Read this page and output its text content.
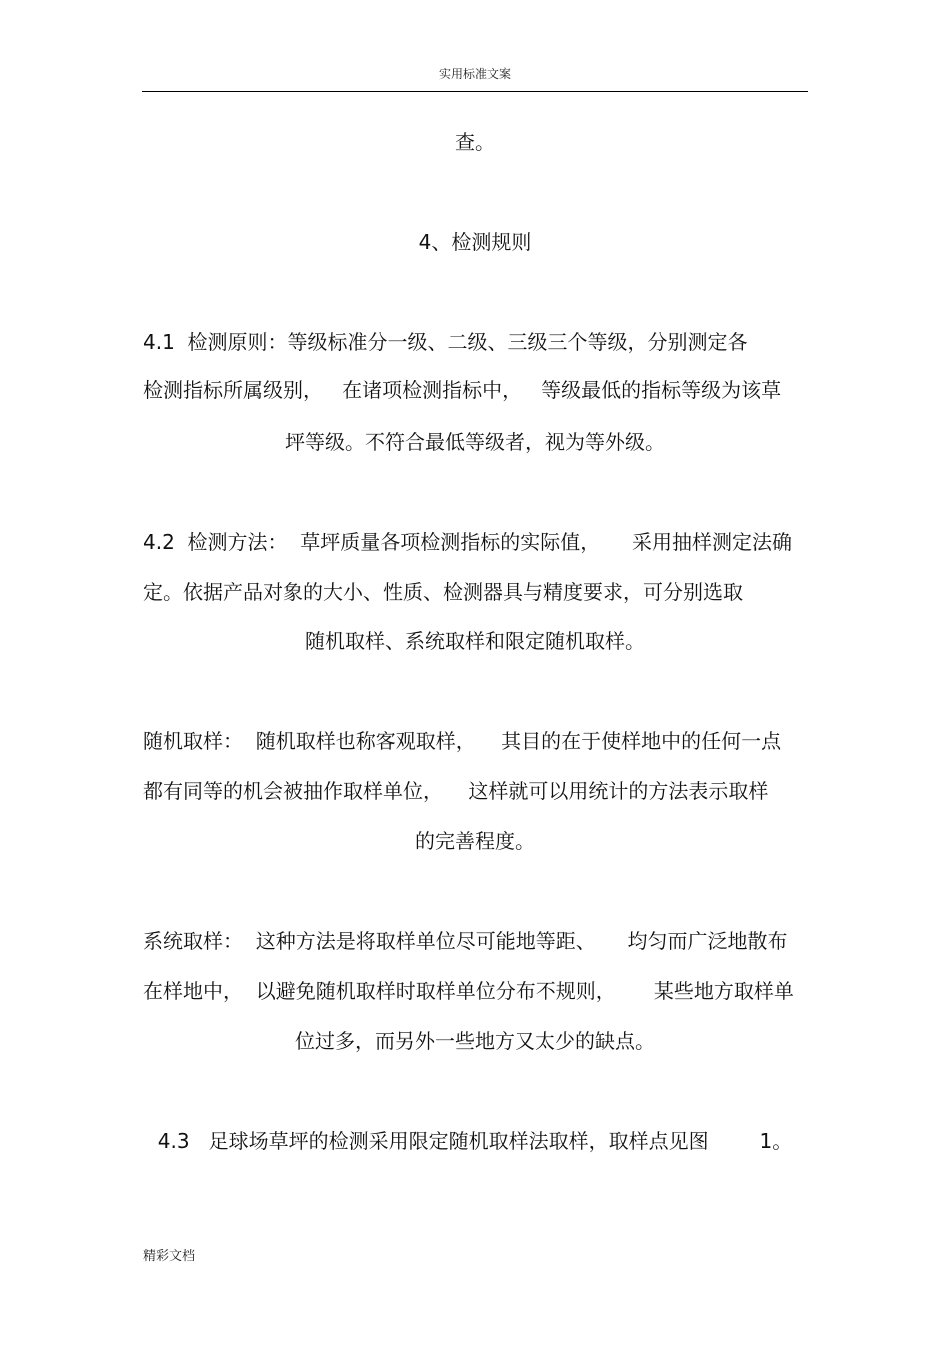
实用标准文案
查。
4、检测规则
4.1  检测原则：等级标准分一级、二级、三级三个等级，分别测定各
检测指标所属级别，   在诸项检测指标中，   等级最低的指标等级为该草
坪等级。不符合最低等级者，视为等外级。
4.2  检测方法：  草坪质量各项检测指标的实际值，     采用抽样测定法确
定。依据产品对象的大小、性质、检测器具与精度要求，可分别选取
随机取样、系统取样和限定随机取样。
随机取样：  随机取样也称客观取样，    其目的在于使样地中的任何一点
都有同等的机会被抽作取样单位，    这样就可以用统计的方法表示取样
的完善程度。
系统取样：  这种方法是将取样单位尽可能地等距、     均匀而广泛地散布
在样地中，  以避免随机取样时取样单位分布不规则，      某些地方取样单
位过多，而另外一些地方又太少的缺点。
4.3   足球场草坪的检测采用限定随机取样法取样，取样点见图        1。
精彩文档
